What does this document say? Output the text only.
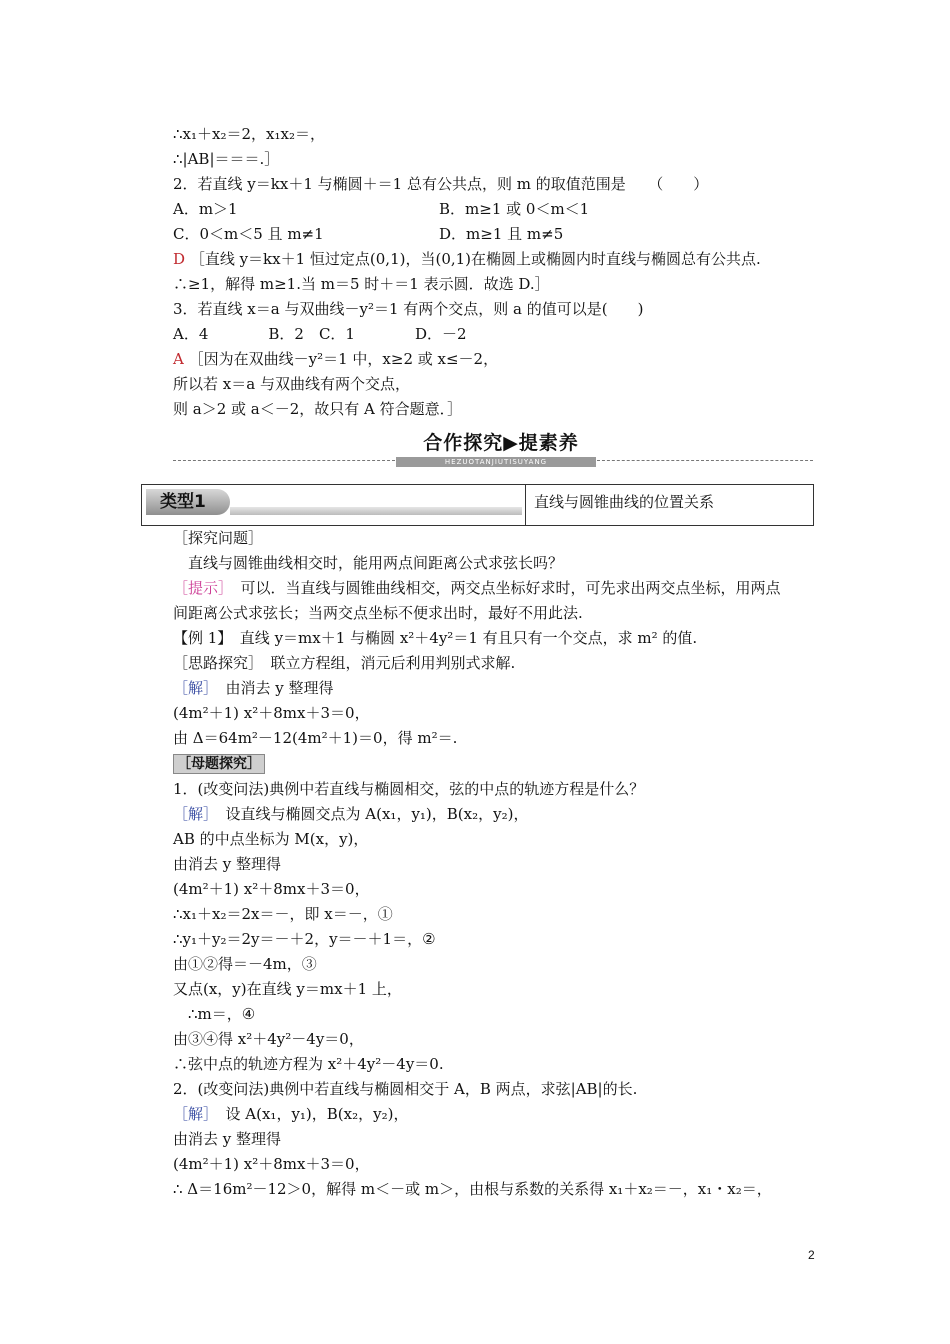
∴x₁＋x₂＝2，x₁x₂＝，
∴|AB|＝＝＝.］
2．若直线 y＝kx＋1 与椭圆＋＝1 总有公共点，则 m 的取值范围是　　（　　）
A．m＞1	B．m≥1 或 0＜m＜1
C．0＜m＜5 且 m≠1	D．m≥1 且 m≠5
D ［直线 y＝kx＋1 恒过定点(0,1)，当(0,1)在椭圆上或椭圆内时直线与椭圆总有公共点.
∴≥1，解得 m≥1.当 m＝5 时＋＝1 表示圆．故选 D.］
3．若直线 x＝a 与双曲线－y²＝1 有两个交点，则 a 的值可以是(　　)
A．4　　　　B．2　C．1　　　　D．－2
A ［因为在双曲线－y²＝1 中，x≥2 或 x≤－2，
所以若 x＝a 与双曲线有两个交点，
则 a＞2 或 a＜－2，故只有 A 符合题意．］
合作探究▶提素养
HEZUOTANJIUTISUYANG
类型1	直线与圆锥曲线的位置关系
［探究问题］
直线与圆锥曲线相交时，能用两点间距离公式求弦长吗？
［提示］　可以．当直线与圆锥曲线相交，两交点坐标好求时，可先求出两交点坐标，用两点
间距离公式求弦长；当两交点坐标不便求出时，最好不用此法.
【例 1】　直线 y＝mx＋1 与椭圆 x²＋4y²＝1 有且只有一个交点，求 m² 的值.
［思路探究］　联立方程组，消元后利用判别式求解.
［解］　由消去 y 整理得
(4m²＋1) x²＋8mx＋3＝0，
由 Δ＝64m²－12(4m²＋1)＝0，得 m²＝.
［母题探究］
1．(改变问法)典例中若直线与椭圆相交，弦的中点的轨迹方程是什么？
［解］　设直线与椭圆交点为 A(x₁，y₁)，B(x₂，y₂)，
AB 的中点坐标为 M(x，y)，
由消去 y 整理得
(4m²＋1) x²＋8mx＋3＝0，
∴x₁＋x₂＝2x＝－，即 x＝－，①
∴y₁＋y₂＝2y＝－＋2，y＝－＋1＝，②
由①②得＝－4m，③
又点(x，y)在直线 y＝mx＋1 上，
∴m＝，④
由③④得 x²＋4y²－4y＝0，
∴弦中点的轨迹方程为 x²＋4y²－4y＝0.
2．(改变问法)典例中若直线与椭圆相交于 A，B 两点，求弦|AB|的长.
［解］　设 A(x₁，y₁)，B(x₂，y₂)，
由消去 y 整理得
(4m²＋1) x²＋8mx＋3＝0，
∴ Δ＝16m²－12＞0，解得 m＜－或 m＞，由根与系数的关系得 x₁＋x₂＝－，x₁・x₂＝，
2
